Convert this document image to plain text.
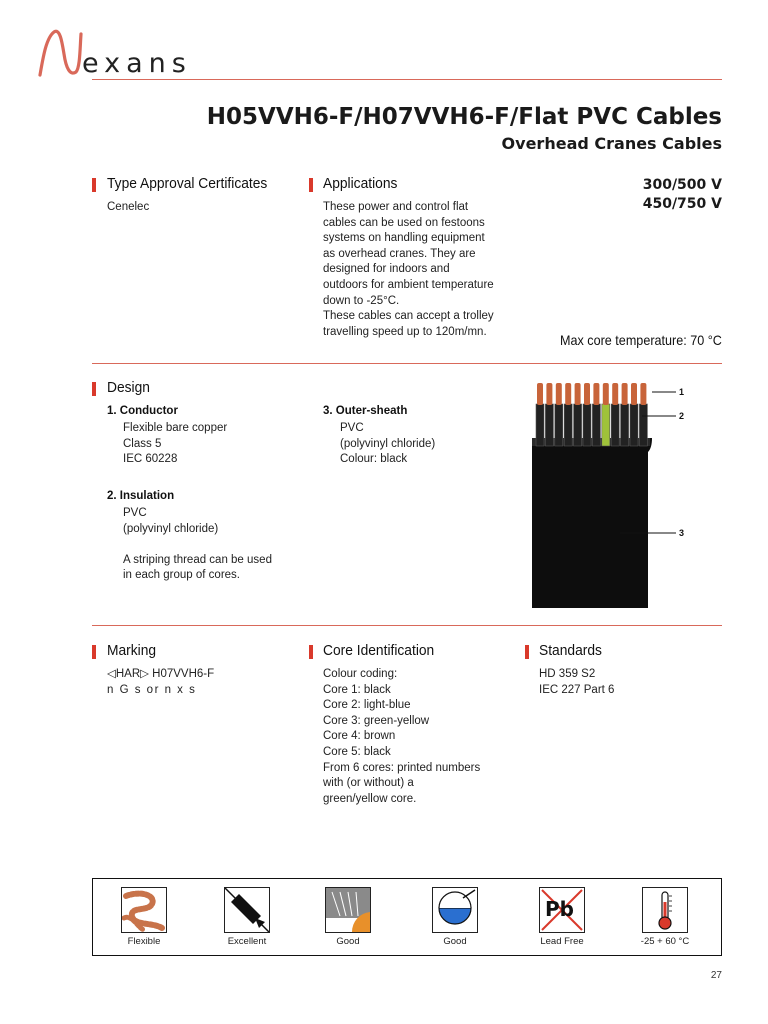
exans
H05VVH6-F/H07VVH6-F/Flat PVC Cables
Overhead Cranes Cables
300/500 V
450/750 V
Type Approval Certificates
Cenelec
Applications
These power and control flat
cables can be used on festoons
systems on handling equipment
as overhead cranes. They are
designed for indoors and
outdoors for ambient temperature
down to -25°C.
These cables can accept a trolley
travelling speed up to 120m/mn.
Max core temperature: 70 °C
Design
1. Conductor
Flexible bare copper
Class 5
IEC 60228
2. Insulation
PVC
(polyvinyl chloride)
A striping thread can be used
in each group of cores.
3. Outer-sheath
PVC
(polyvinyl chloride)
Colour: black
1
2
3
Marking
◁HAR▷ H07VVH6-F
n G s or n x s
Core Identification
Colour coding:
Core 1: black
Core 2: light-blue
Core 3: green-yellow
Core 4: brown
Core 5: black
From 6 cores: printed numbers
with (or without) a
green/yellow core.
Standards
HD 359 S2
IEC 227 Part 6
Flexible	Excellent	Good	Good
Pb
Lead Free	-25 + 60 °C
27
